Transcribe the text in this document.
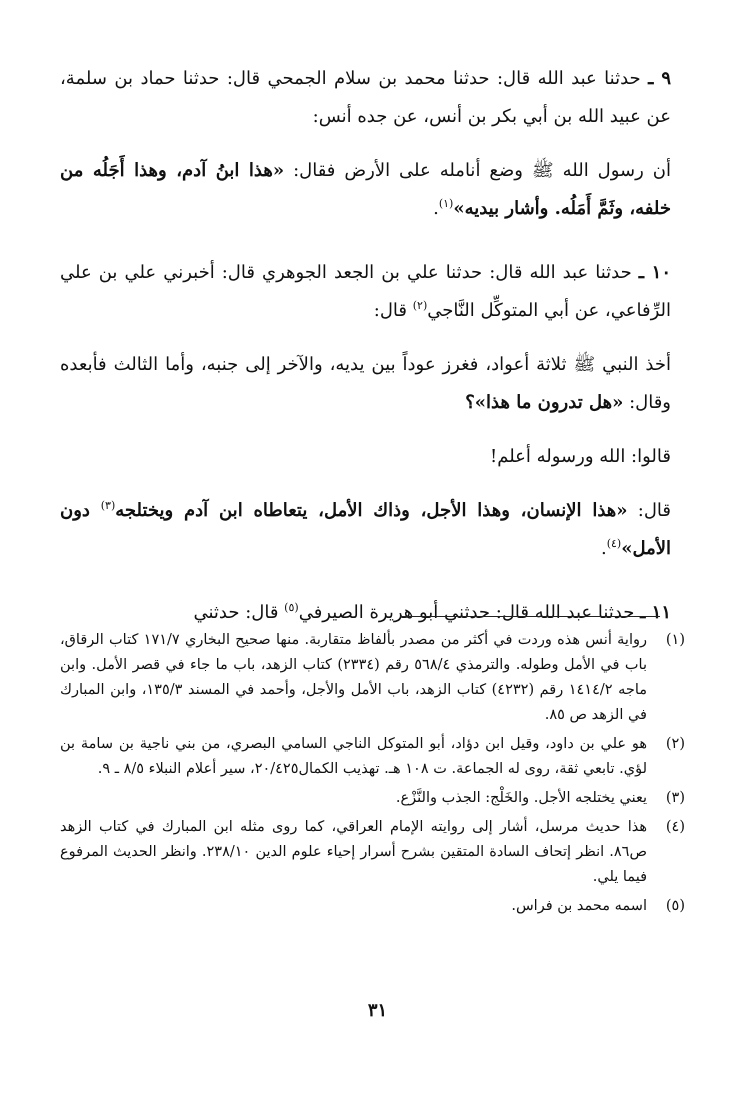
٩ ـ حدثنا عبد الله قال: حدثنا محمد بن سلام الجمحي قال: حدثنا حماد بن سلمة، عن عبيد الله بن أبي بكر بن أنس، عن جده أنس:

أن رسول الله ﷺ وضع أنامله على الأرض فقال: «هذا ابنُ آدم، وهذا أَجَلُه من خلفه، وثَمَّ أَمَلُه. وأشار بيديه»$^{(١)}$.

١٠ ـ حدثنا عبد الله قال: حدثنا علي بن الجعد الجوهري قال: أخبرني علي بن علي الرِّفاعي، عن أبي المتوكِّل النَّاجي$^{(٢)}$ قال:

أخذ النبي ﷺ ثلاثة أعواد، فغرز عوداً بين يديه، والآخر إلى جنبه، وأما الثالث فأبعده وقال: «هل تدرون ما هذا»؟

قالوا: الله ورسوله أعلم!

قال: «هذا الإنسان، وهذا الأجل، وذاك الأمل، يتعاطاه ابن آدم ويختلجه$^{(٣)}$ دون الأمل»$^{(٤)}$.

١١ ـ حدثنا عبد الله قال: حدثني أبو هريرة الصيرفي$^{(٥)}$ قال: حدثني

(١)
رواية أنس هذه وردت في أكثر من مصدر بألفاظ متقاربة. منها صحيح البخاري ١٧١/٧ كتاب الرقاق، باب في الأمل وطوله. والترمذي ٥٦٨/٤ رقم (٢٣٣٤) كتاب الزهد، باب ما جاء في قصر الأمل. وابن ماجه ١٤١٤/٢ رقم (٤٢٣٢) كتاب الزهد، باب الأمل والأجل، وأحمد في المسند ١٣٥/٣، وابن المبارك في الزهد ص ٨٥.
(٢)
هو علي بن داود، وقيل ابن دؤاد، أبو المتوكل الناجي السامي البصري، من بني ناجية بن سامة بن لؤي. تابعي ثقة، روى له الجماعة. ت ١٠٨ هـ. تهذيب الكمال٢٠/٤٢٥، سير أعلام النبلاء ٨/٥ ـ ٩.
(٣)
يعني يختلجه الأجل. والخَلْج: الجذب والنَّزْع.
(٤)
هذا حديث مرسل، أشار إلى روايته الإمام العراقي، كما روى مثله ابن المبارك في كتاب الزهد ص٨٦. انظر إتحاف السادة المتقين بشرح أسرار إحياء علوم الدين ٢٣٨/١٠. وانظر الحديث المرفوع فيما يلي.
(٥)
اسمه محمد بن فراس.
٣١
